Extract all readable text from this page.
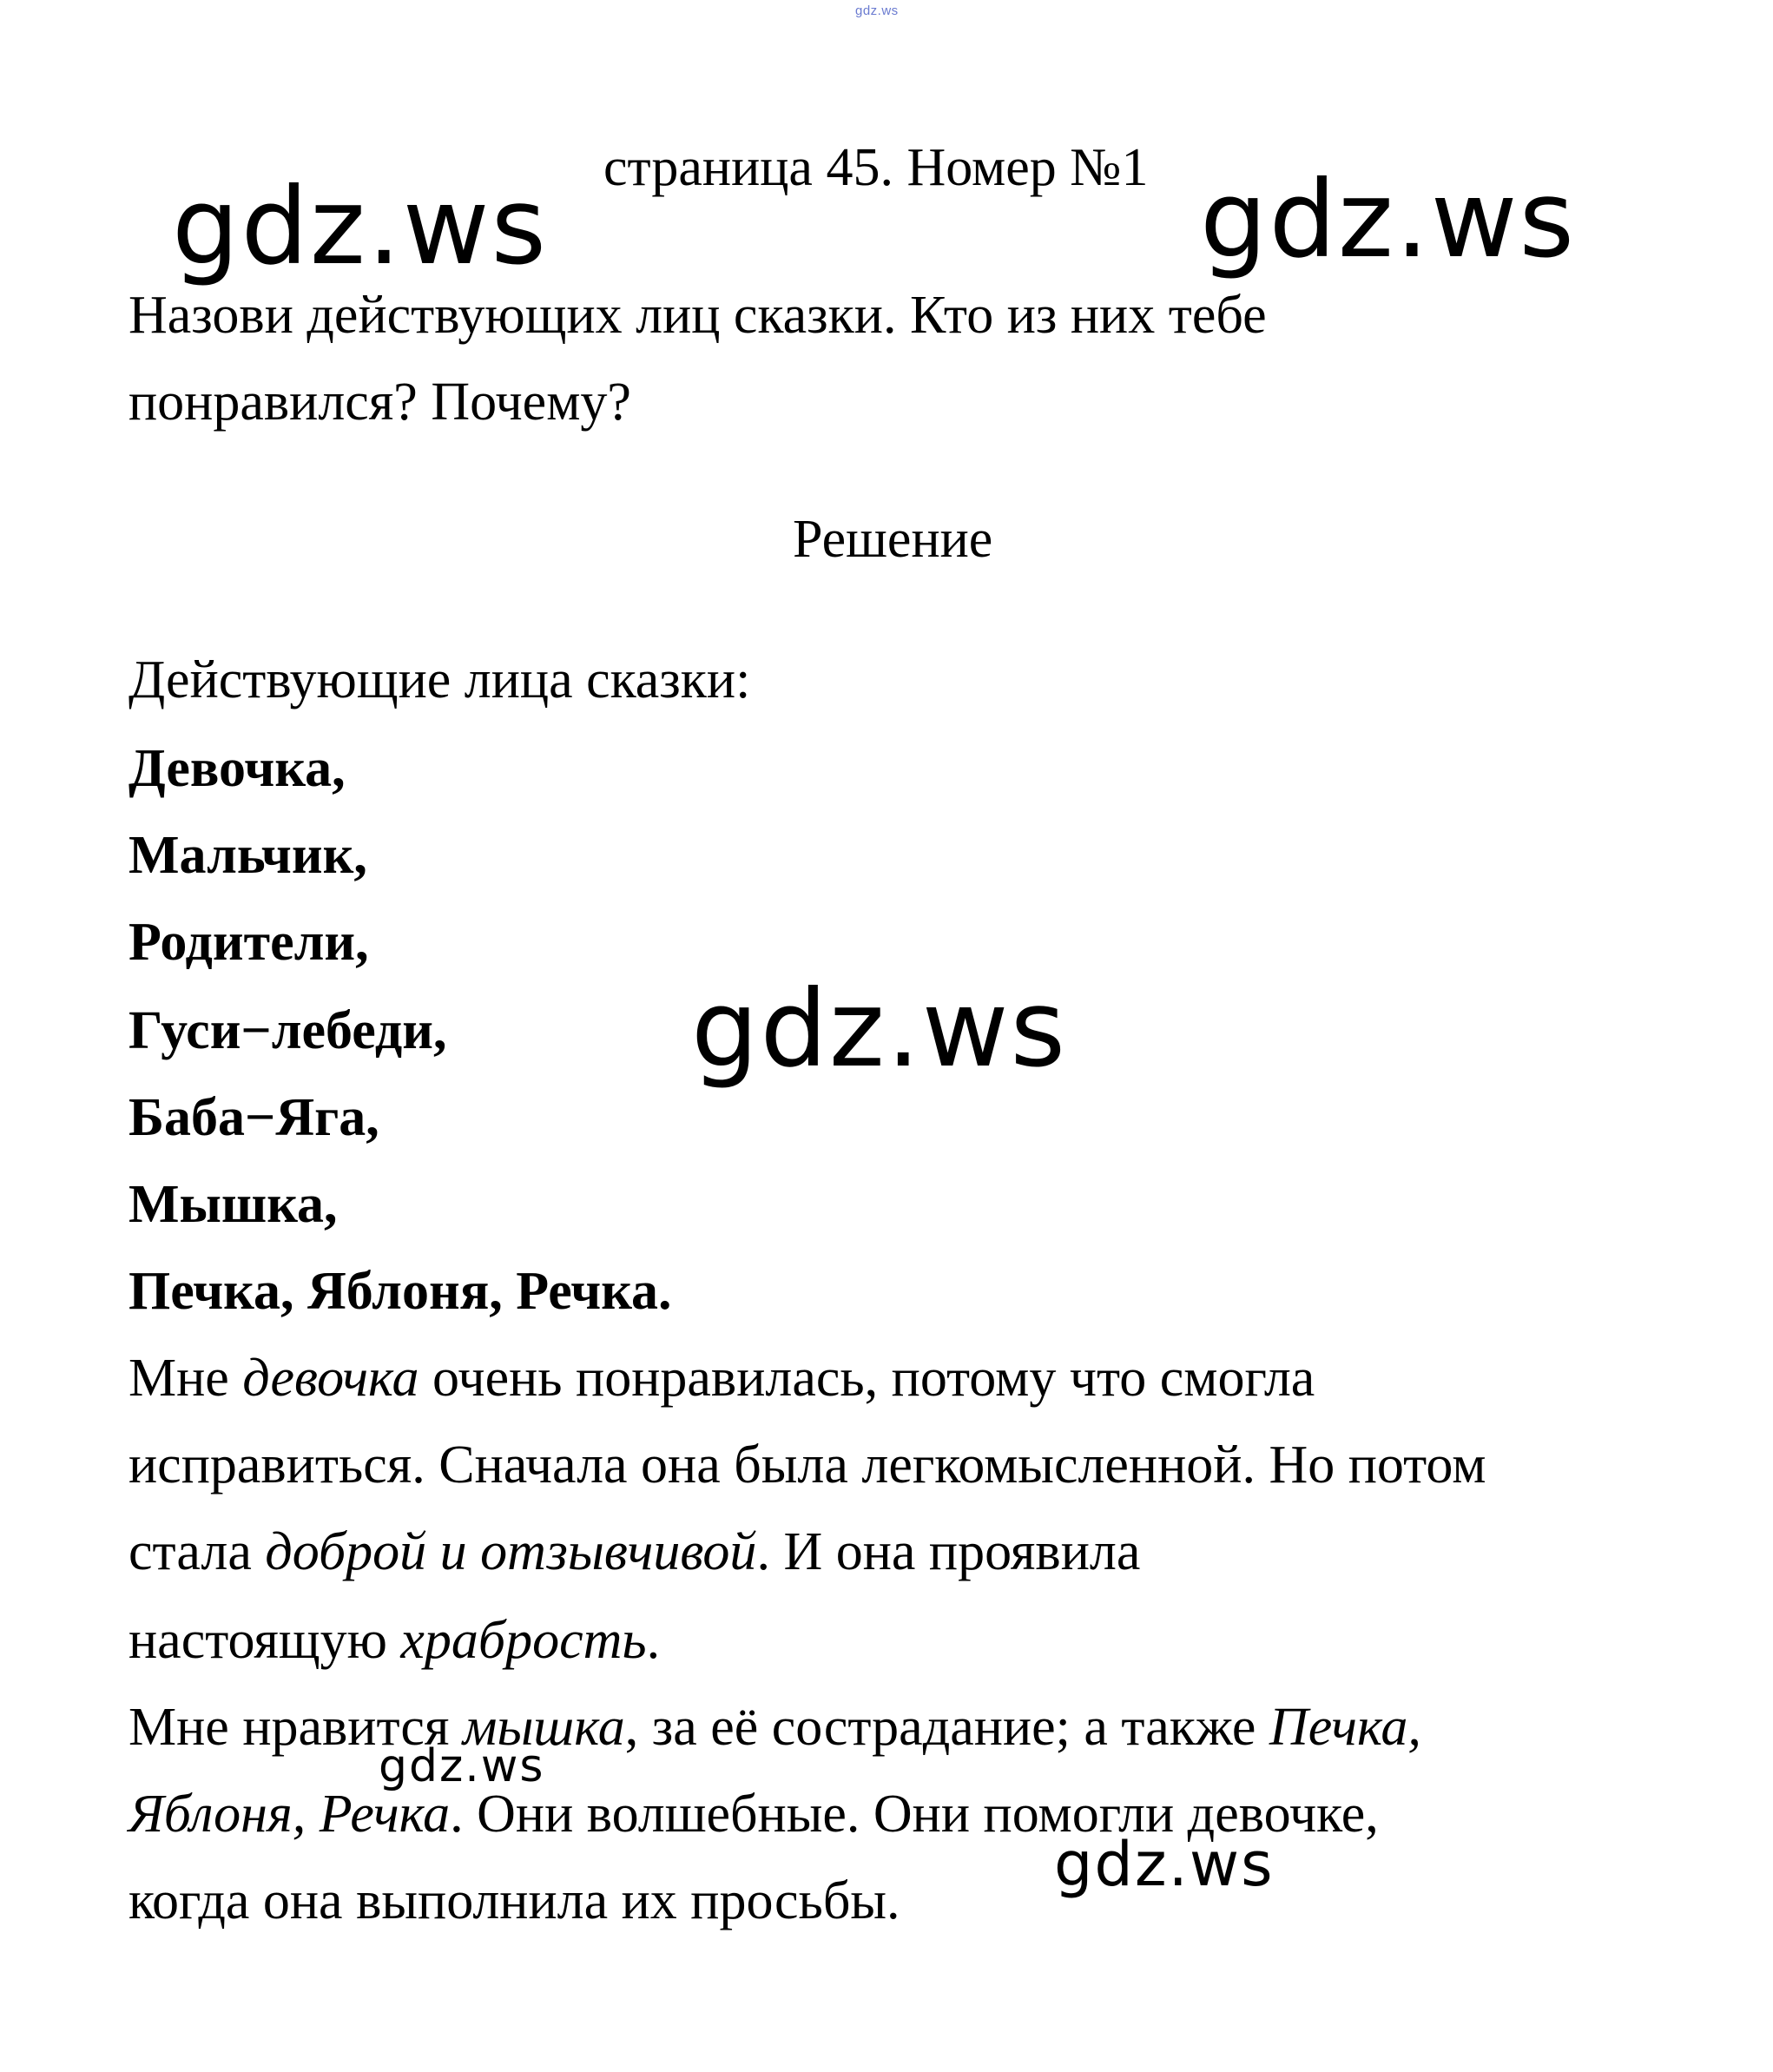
gdz.ws
страница 45. Номер №1
Назови действующих лиц сказки. Кто из них тебе
понравился? Почему?
Решение
Действующие лица сказки:
Девочка,
Мальчик,
Родители,
Гуси−лебеди,
Баба−Яга,
Мышка,
Печка, Яблоня, Речка.
Мне девочка очень понравилась, потому что смогла
исправиться. Сначала она была легкомысленной. Но потом
стала доброй и отзывчивой. И она проявила
настоящую храбрость.
Мне нравится мышка, за её сострадание; а также Печка,
Яблоня, Речка. Они волшебные. Они помогли девочке,
когда она выполнила их просьбы.
gdz.ws	gdz.ws
gdz.ws
gdz.ws
gdz.ws
